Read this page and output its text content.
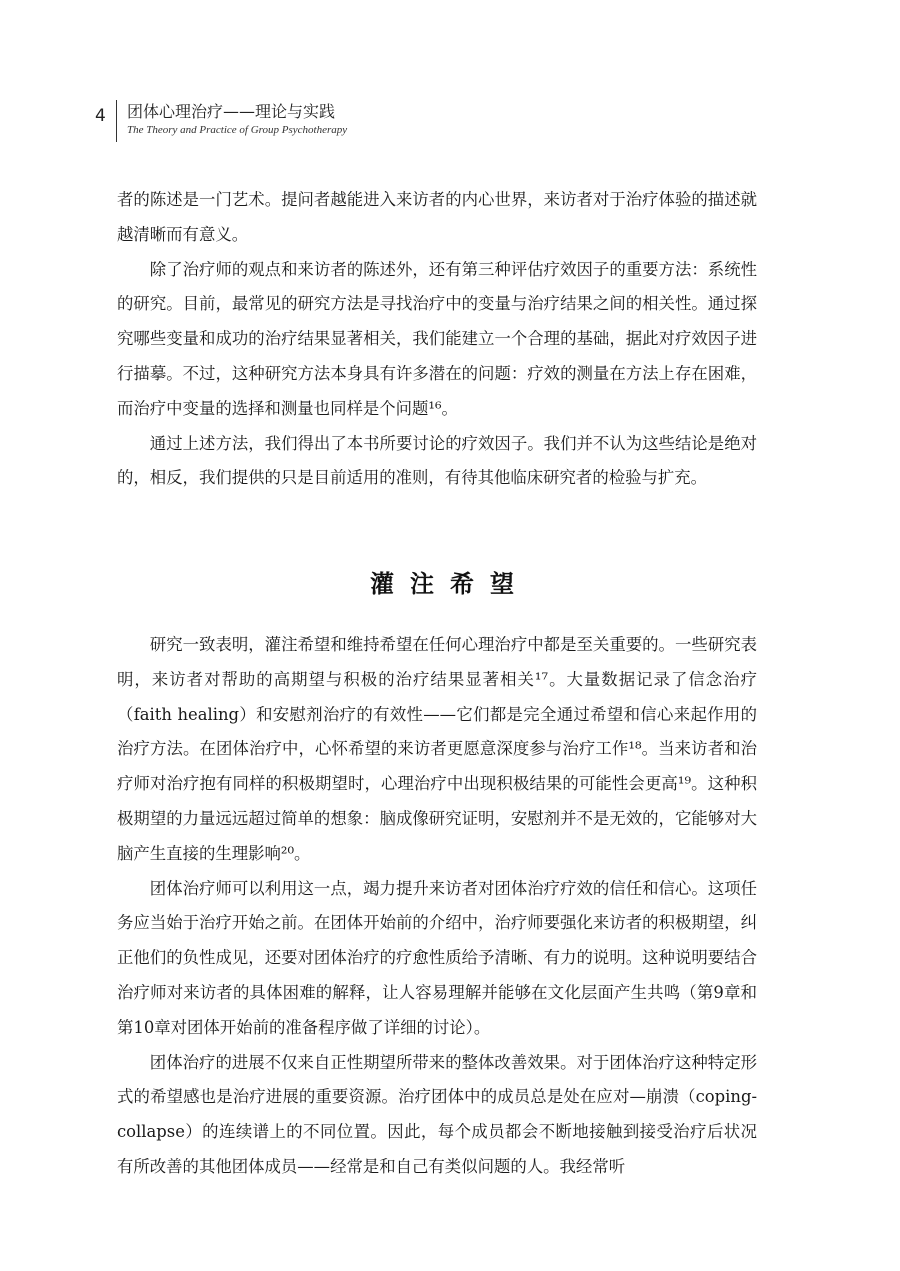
4 团体心理治疗——理论与实践
The Theory and Practice of Group Psychotherapy

者的陈述是一门艺术。提问者越能进入来访者的内心世界，来访者对于治疗体验的描述就越清晰而有意义。

除了治疗师的观点和来访者的陈述外，还有第三种评估疗效因子的重要方法：系统性的研究。目前，最常见的研究方法是寻找治疗中的变量与治疗结果之间的相关性。通过探究哪些变量和成功的治疗结果显著相关，我们能建立一个合理的基础，据此对疗效因子进行描摹。不过，这种研究方法本身具有许多潜在的问题：疗效的测量在方法上存在困难，而治疗中变量的选择和测量也同样是个问题¹⁶。

通过上述方法，我们得出了本书所要讨论的疗效因子。我们并不认为这些结论是绝对的，相反，我们提供的只是目前适用的准则，有待其他临床研究者的检验与扩充。

灌注希望

研究一致表明，灌注希望和维持希望在任何心理治疗中都是至关重要的。一些研究表明，来访者对帮助的高期望与积极的治疗结果显著相关¹⁷。大量数据记录了信念治疗（faith healing）和安慰剂治疗的有效性——它们都是完全通过希望和信心来起作用的治疗方法。在团体治疗中，心怀希望的来访者更愿意深度参与治疗工作¹⁸。当来访者和治疗师对治疗抱有同样的积极期望时，心理治疗中出现积极结果的可能性会更高¹⁹。这种积极期望的力量远远超过简单的想象：脑成像研究证明，安慰剂并不是无效的，它能够对大脑产生直接的生理影响²⁰。

团体治疗师可以利用这一点，竭力提升来访者对团体治疗疗效的信任和信心。这项任务应当始于治疗开始之前。在团体开始前的介绍中，治疗师要强化来访者的积极期望，纠正他们的负性成见，还要对团体治疗的疗愈性质给予清晰、有力的说明。这种说明要结合治疗师对来访者的具体困难的解释，让人容易理解并能够在文化层面产生共鸣（第9章和第10章对团体开始前的准备程序做了详细的讨论）。

团体治疗的进展不仅来自正性期望所带来的整体改善效果。对于团体治疗这种特定形式的希望感也是治疗进展的重要资源。治疗团体中的成员总是处在应对—崩溃（coping-collapse）的连续谱上的不同位置。因此，每个成员都会不断地接触到接受治疗后状况有所改善的其他团体成员——经常是和自己有类似问题的人。我经常听
